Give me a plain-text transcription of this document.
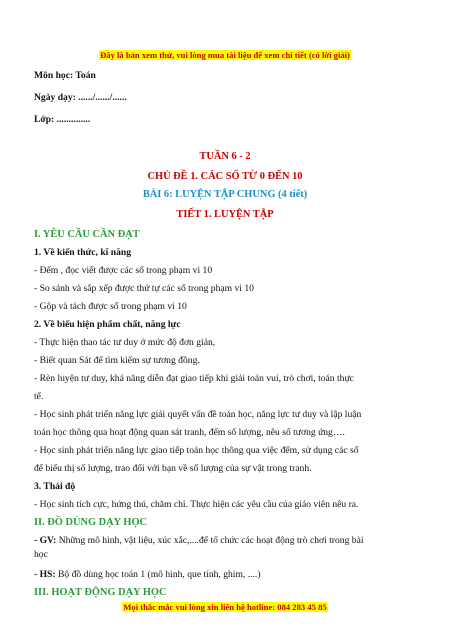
Đây là bản xem thử, vui lòng mua tài liệu để xem chi tiết (có lời giải)
Môn học: Toán
Ngày dạy: ....../....../......
Lớp: ..............
TUẦN 6 - 2
CHỦ ĐỀ 1. CÁC SỐ TỪ 0 ĐẾN 10
BÀI 6: LUYỆN TẬP CHUNG (4 tiết)
TIẾT 1. LUYỆN TẬP
I. YÊU CẦU CẦN ĐẠT
1. Về kiến thức, kĩ năng
- Đếm , đọc viết được các số trong phạm vi 10
- So sánh và sắp xếp được thứ tự các số trong phạm vi 10
- Gộp và tách được số trong phạm vi 10
2. Về biểu hiện phẩm chất, năng lực
- Thực hiện thao tác tư duy ở mức độ đơn giản,
- Biết quan Sát để tìm kiếm sự tương đồng.
- Rèn luyện tư duy, khả năng diễn đạt giao tiếp khi giải toán vui, trò chơi, toán thực
tế.
- Học sinh phát triển năng lực giải quyết vấn đề toán học, năng lực tư duy và lập luận
toán học thông qua hoạt động quan sát tranh, đếm số lượng, nêu số tương ứng….
- Học sinh phát triển năng lực giao tiếp toán học thông qua việc đếm, sử dụng các số
để biểu thị số lượng, trao đổi với bạn về số lượng của sự vật trong tranh.
3. Thái độ
- Học sinh tích cực, hứng thú, chăm chỉ. Thực hiện các yêu cầu của giáo viên nêu ra.
II. ĐỒ DÙNG DẠY HỌC
- GV: Những mô hình, vật liệu, xúc xắc,....để tổ chức các hoạt động trò chơi trong bài
học
- HS: Bộ đồ dùng học toán 1 (mô hình, que tính, ghim, ....)
III. HOẠT ĐỘNG DẠY HỌC
Mọi thắc mắc vui lòng xin liên hệ hotline: 084 283 45 85
